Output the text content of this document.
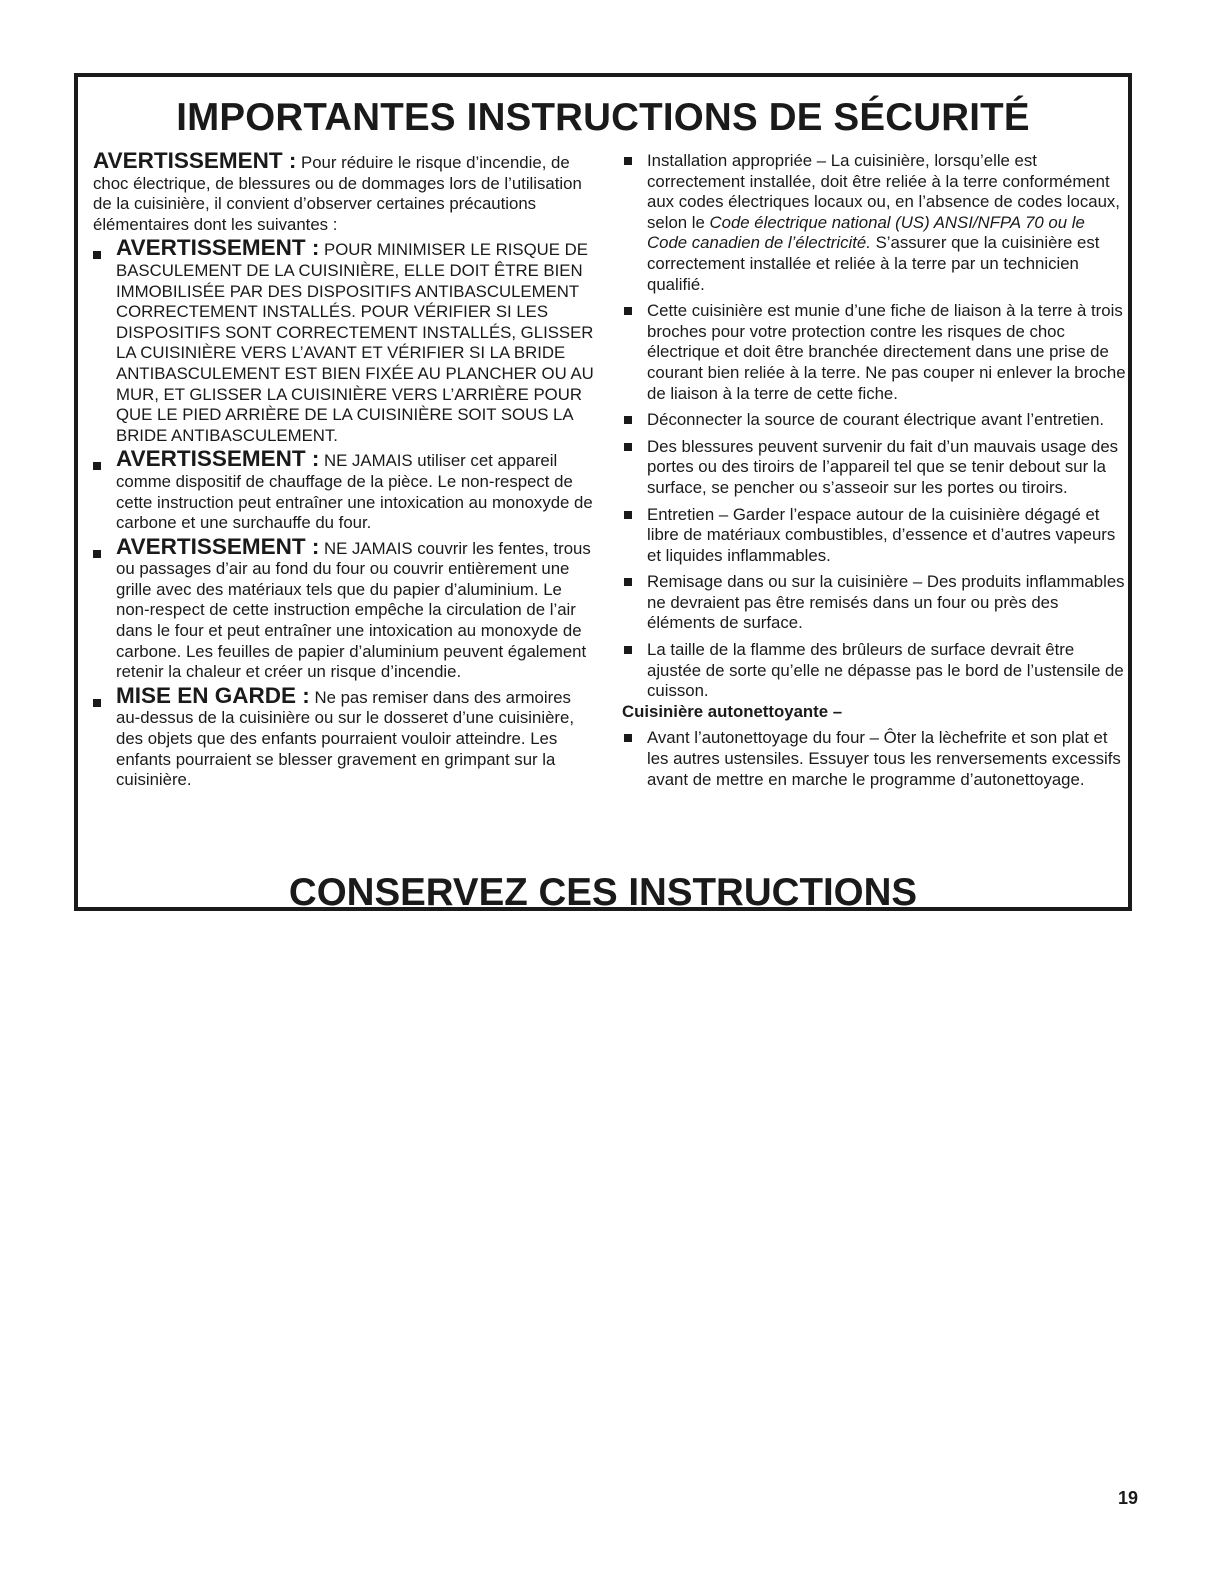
IMPORTANTES INSTRUCTIONS DE SÉCURITÉ

AVERTISSEMENT : Pour réduire le risque d’incendie, de choc électrique, de blessures ou de dommages lors de l’utilisation de la cuisinière, il convient d’observer certaines précautions élémentaires dont les suivantes :

AVERTISSEMENT : POUR MINIMISER LE RISQUE DE BASCULEMENT DE LA CUISINIÈRE, ELLE DOIT ÊTRE BIEN IMMOBILISÉE PAR DES DISPOSITIFS ANTIBASCULEMENT CORRECTEMENT INSTALLÉS. POUR VÉRIFIER SI LES DISPOSITIFS SONT CORRECTEMENT INSTALLÉS, GLISSER LA CUISINIÈRE VERS L’AVANT ET VÉRIFIER SI LA BRIDE ANTIBASCULEMENT EST BIEN FIXÉE AU PLANCHER OU AU MUR, ET GLISSER LA CUISINIÈRE VERS L’ARRIÈRE POUR QUE LE PIED ARRIÈRE DE LA CUISINIÈRE SOIT SOUS LA BRIDE ANTIBASCULEMENT.
AVERTISSEMENT : NE JAMAIS utiliser cet appareil comme dispositif de chauffage de la pièce. Le non-respect de cette instruction peut entraîner une intoxication au monoxyde de carbone et une surchauffe du four.
AVERTISSEMENT : NE JAMAIS couvrir les fentes, trous ou passages d’air au fond du four ou couvrir entièrement une grille avec des matériaux tels que du papier d’aluminium. Le non-respect de cette instruction empêche la circulation de l’air dans le four et peut entraîner une intoxication au monoxyde de carbone. Les feuilles de papier d’aluminium peuvent également retenir la chaleur et créer un risque d’incendie.
MISE EN GARDE : Ne pas remiser dans des armoires au-dessus de la cuisinière ou sur le dosseret d’une cuisinière, des objets que des enfants pourraient vouloir atteindre. Les enfants pourraient se blesser gravement en grimpant sur la cuisinière.
Installation appropriée – La cuisinière, lorsqu’elle est correctement installée, doit être reliée à la terre conformément aux codes électriques locaux ou, en l’absence de codes locaux, selon le Code électrique national (US) ANSI/NFPA 70 ou le Code canadien de l’électricité. S’assurer que la cuisinière est correctement installée et reliée à la terre par un technicien qualifié.
Cette cuisinière est munie d’une fiche de liaison à la terre à trois broches pour votre protection contre les risques de choc électrique et doit être branchée directement dans une prise de courant bien reliée à la terre. Ne pas couper ni enlever la broche de liaison à la terre de cette fiche.
Déconnecter la source de courant électrique avant l’entretien.
Des blessures peuvent survenir du fait d’un mauvais usage des portes ou des tiroirs de l’appareil tel que se tenir debout sur la surface, se pencher ou s’asseoir sur les portes ou tiroirs.
Entretien – Garder l’espace autour de la cuisinière dégagé et libre de matériaux combustibles, d’essence et d’autres vapeurs et liquides inflammables.
Remisage dans ou sur la cuisinière – Des produits inflammables ne devraient pas être remisés dans un four ou près des éléments de surface.
La taille de la flamme des brûleurs de surface devrait être ajustée de sorte qu’elle ne dépasse pas le bord de l’ustensile de cuisson.

Cuisinière autonettoyante –

Avant l’autonettoyage du four – Ôter la lèchefrite et son plat et les autres ustensiles. Essuyer tous les renversements excessifs avant de mettre en marche le programme d’autonettoyage.
CONSERVEZ CES INSTRUCTIONS
19
